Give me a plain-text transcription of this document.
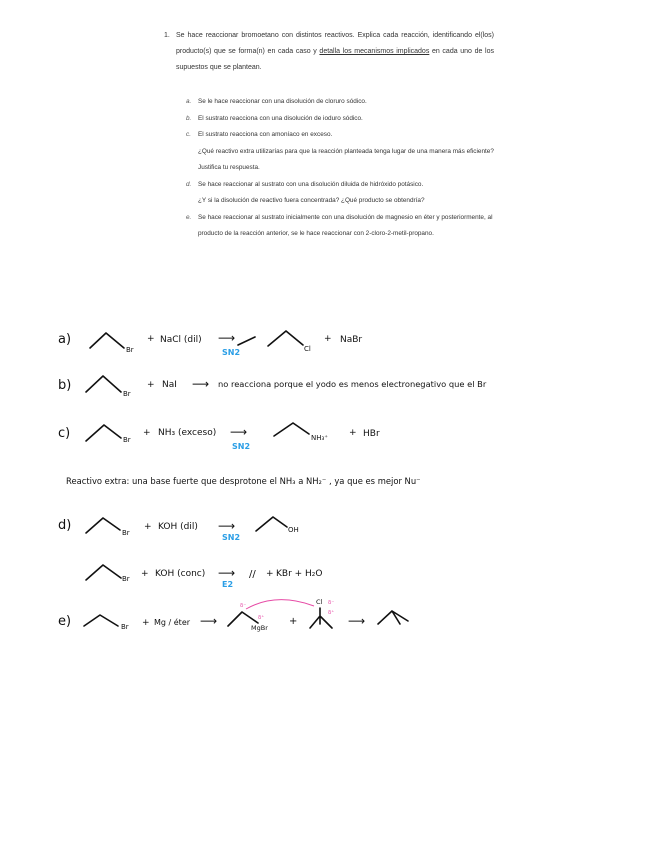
1. Se hace reaccionar bromoetano con distintos reactivos. Explica cada reacción, identificando el(los) producto(s) que se forma(n) en cada caso y detalla los mecanismos implicados en cada uno de los supuestos que se plantean.
a. Se le hace reaccionar con una disolución de cloruro sódico.
b. El sustrato reacciona con una disolución de ioduro sódico.
c. El sustrato reacciona con amoníaco en exceso.
¿Qué reactivo extra utilizarías para que la reacción planteada tenga lugar de una manera más eficiente? Justifica tu respuesta.
d. Se hace reaccionar al sustrato con una disolución diluida de hidróxido potásico.
¿Y si la disolución de reactivo fuera concentrada? ¿Qué producto se obtendría?
e. Se hace reaccionar al sustrato inicialmente con una disolución de magnesio en éter y posteriormente, al producto de la reacción anterior, se le hace reaccionar con 2-cloro-2-metil-propano.
a)
Br
+ NaCl (dil) ⟶
SN2	Cl
+ NaBr
b)
Br
+ NaI ⟶ no reacciona porque el yodo es menos electronegativo que el Br
c)	Br
+ NH₃ (exceso) ⟶
SN2
NH₃⁺ + HBr
Reactivo extra: una base fuerte que desprotone el NH₃ a NH₂⁻ , ya que es mejor Nu⁻
d)	Br
+ KOH (dil) ⟶
SN2
OH
Br + KOH (conc) ⟶
E2
// + KBr + H₂O
e)	Br + Mg / éter ⟶	MgBr
+
Cl
δ⁻
δ⁺
δ⁻
δ⁺
⟶
